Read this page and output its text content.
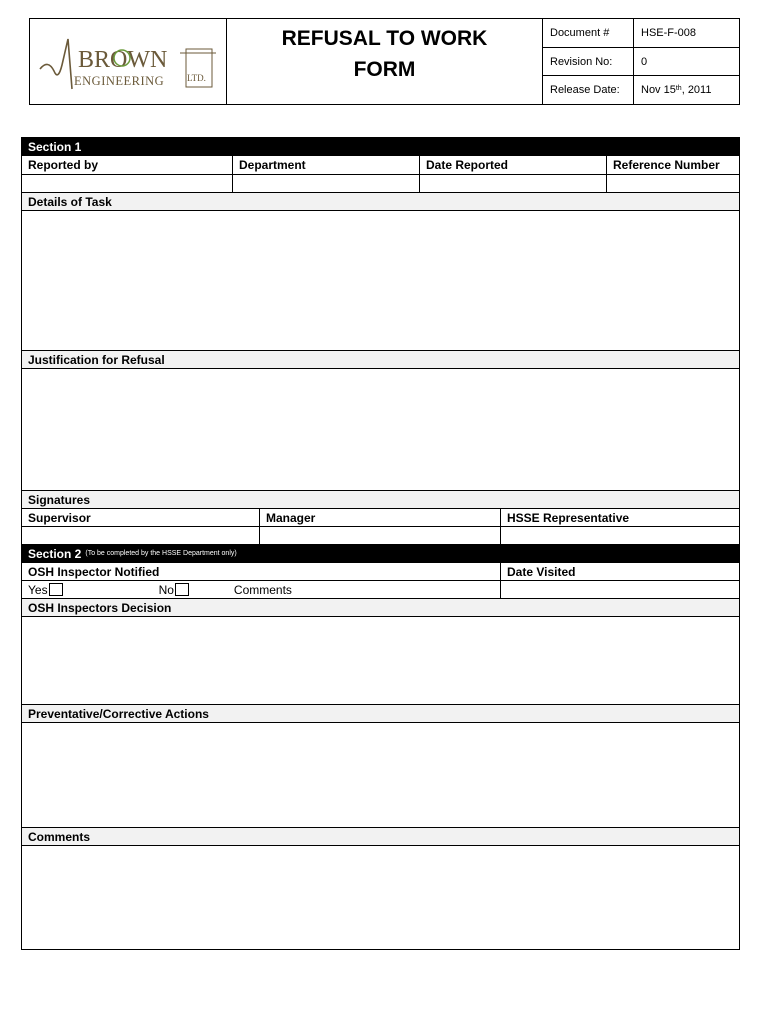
BROWN
ENGINEERING	LTD.
REFUSAL TO WORK
FORM
Document #	HSE-F-008
Revision No:	0
Release Date:	Nov 15th , 2011
Section 1
Reported by	Department	Date Reported	Reference Number
Details of Task
Justification for Refusal
Signatures
Supervisor	Manager	HSSE Representative
Section 2 (To be completed by the HSSE Department only)
OSH Inspector Notified	Date Visited
Yes	No	Comments
OSH Inspectors Decision
Preventative/Corrective Actions
Comments
